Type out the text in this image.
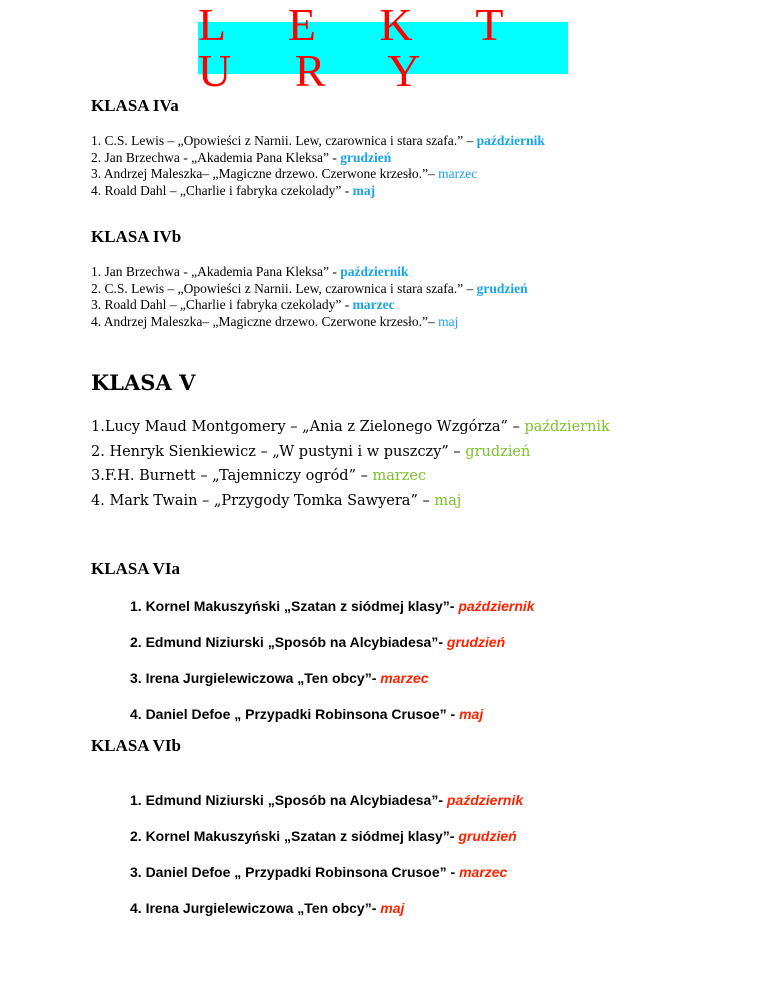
L E K T U R Y
KLASA IVa
1. C.S. Lewis – „Opowieści z Narnii. Lew, czarownica i stara szafa.” – październik
2. Jan Brzechwa - „Akademia Pana Kleksa” - grudzień
3. Andrzej Maleszka– „Magiczne drzewo. Czerwone krzesło.”– marzec
4. Roald Dahl – „Charlie i fabryka czekolady” - maj
KLASA IVb
1. Jan Brzechwa - „Akademia Pana Kleksa” - październik
2. C.S. Lewis – „Opowieści z Narnii. Lew, czarownica i stara szafa.” – grudzień
3. Roald Dahl – „Charlie i fabryka czekolady” - marzec
4. Andrzej Maleszka– „Magiczne drzewo. Czerwone krzesło.”– maj
KLASA V
1.Lucy Maud Montgomery – „Ania z Zielonego Wzgórza” – październik
2. Henryk Sienkiewicz – „W pustyni i w puszczy” – grudzień
3.F.H. Burnett – „Tajemniczy ogród” – marzec
4. Mark Twain – „Przygody Tomka Sawyera” – maj
KLASA VIa
1. Kornel Makuszyński „Szatan z siódmej klasy”- październik
2. Edmund Niziurski „Sposób na Alcybiadesa”- grudzień
3. Irena Jurgielewiczowa „Ten obcy”- marzec
4. Daniel Defoe „ Przypadki Robinsona Crusoe” - maj
KLASA VIb
1. Edmund Niziurski „Sposób na Alcybiadesa”- październik
2. Kornel Makuszyński „Szatan z siódmej klasy”- grudzień
3. Daniel Defoe „ Przypadki Robinsona Crusoe” - marzec
4. Irena Jurgielewiczowa „Ten obcy”- maj
